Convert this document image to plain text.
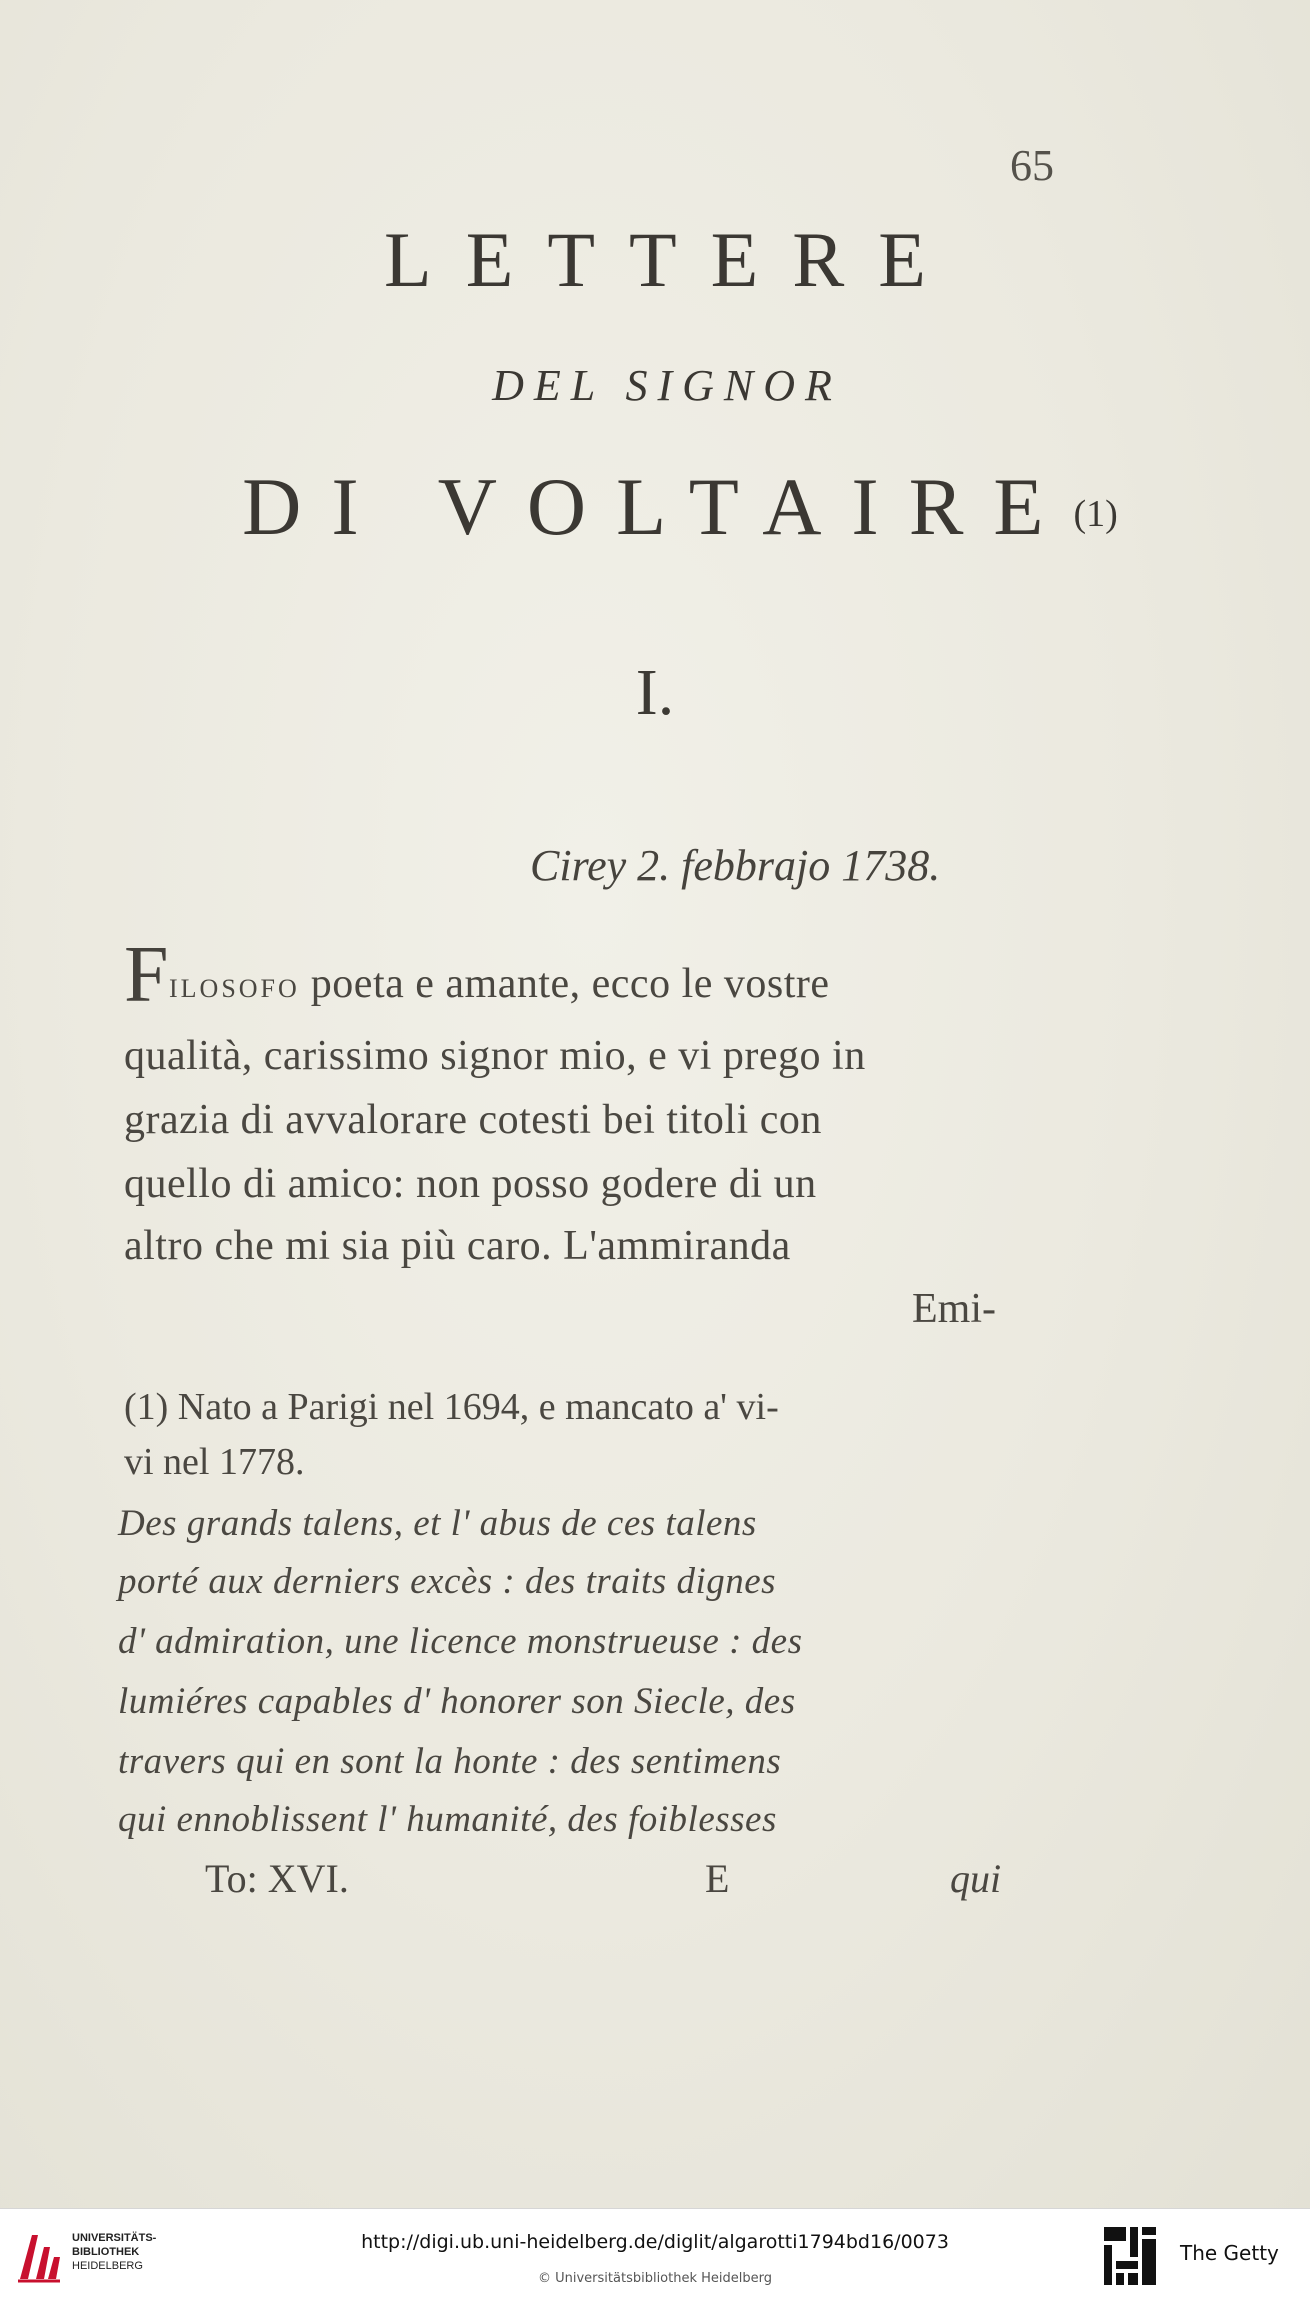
65
LETTERE
DEL SIGNOR
DI VOLTAIRE(1)
I.
Cirey 2. febbrajo 1738.
FILOSOFO poeta e amante, ecco le vostre
qualità, carissimo signor mio, e vi prego in
grazia di avvalorare cotesti bei titoli con
quello di amico: non posso godere di un
altro che mi sia più caro. L'ammiranda
Emi-
(1) Nato a Parigi nel 1694, e mancato a' vi-
vi nel 1778.
Des grands talens, et l' abus de ces talens
porté aux derniers excès : des traits dignes
d' admiration, une licence monstrueuse : des
lumiéres capables d' honorer son Siecle, des
travers qui en sont la honte : des sentimens
qui ennoblissent l' humanité, des foiblesses
To: XVI.	E	qui
UNIVERSITÄTS-
BIBLIOTHEK
HEIDELBERG
http://digi.ub.uni-heidelberg.de/diglit/algarotti1794bd16/0073
© Universitätsbibliothek Heidelberg
The Getty
